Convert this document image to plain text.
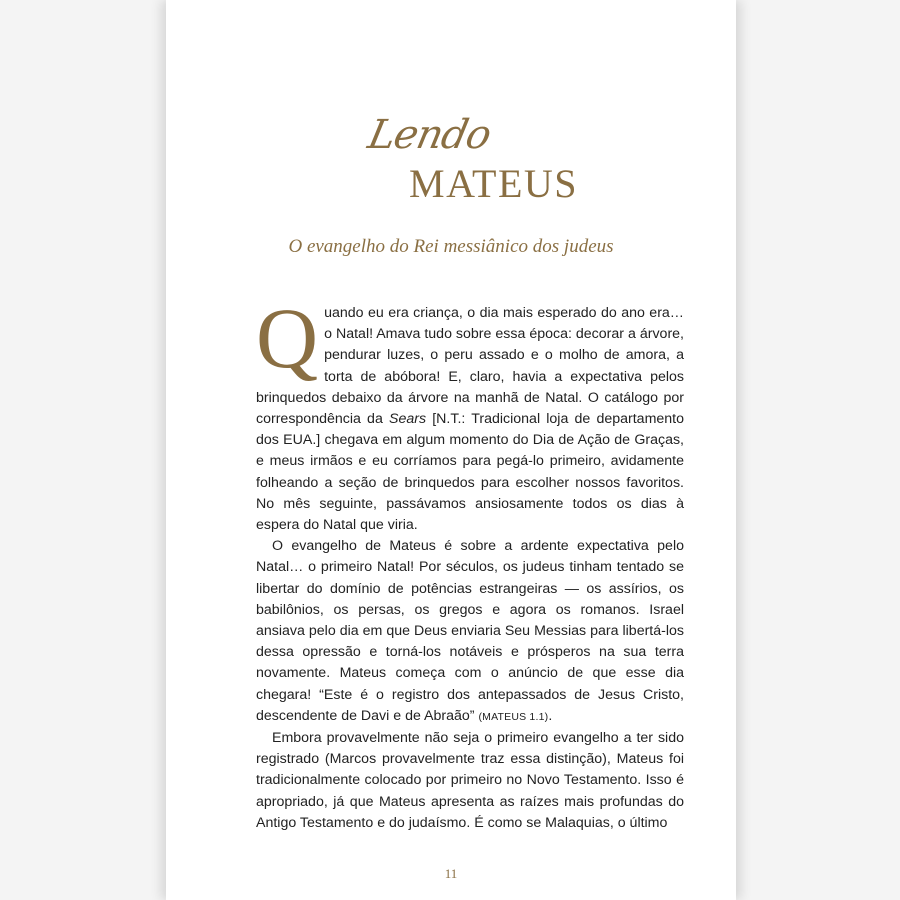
Lendo
MATEUS
O evangelho do Rei messiânico dos judeus

Quando eu era criança, o dia mais esperado do ano era… o Natal! Amava tudo sobre essa época: decorar a árvore, pendurar luzes, o peru assado e o molho de amora, a torta de abóbora! E, claro, havia a expectativa pelos brinquedos debaixo da árvore na manhã de Natal. O catálogo por correspondência da Sears [N.T.: Tradicional loja de departamento dos EUA.] chegava em algum momento do Dia de Ação de Graças, e meus irmãos e eu corríamos para pegá-lo primeiro, avidamente folheando a seção de brinquedos para escolher nossos favoritos. No mês seguinte, passávamos ansiosamente todos os dias à espera do Natal que viria.

O evangelho de Mateus é sobre a ardente expectativa pelo Natal… o primeiro Natal! Por séculos, os judeus tinham tentado se libertar do domínio de potências estrangeiras — os assírios, os babilônios, os persas, os gregos e agora os romanos. Israel ansiava pelo dia em que Deus enviaria Seu Messias para libertá-los dessa opressão e torná-los notáveis e prósperos na sua terra novamente. Mateus começa com o anúncio de que esse dia chegara! “Este é o registro dos antepassados de Jesus Cristo, descendente de Davi e de Abraão” (MATEUS 1.1).

Embora provavelmente não seja o primeiro evangelho a ter sido registrado (Marcos provavelmente traz essa distinção), Mateus foi tradicionalmente colocado por primeiro no Novo Testamento. Isso é apropriado, já que Mateus apresenta as raízes mais profundas do Antigo Testamento e do judaísmo. É como se Malaquias, o último

11
